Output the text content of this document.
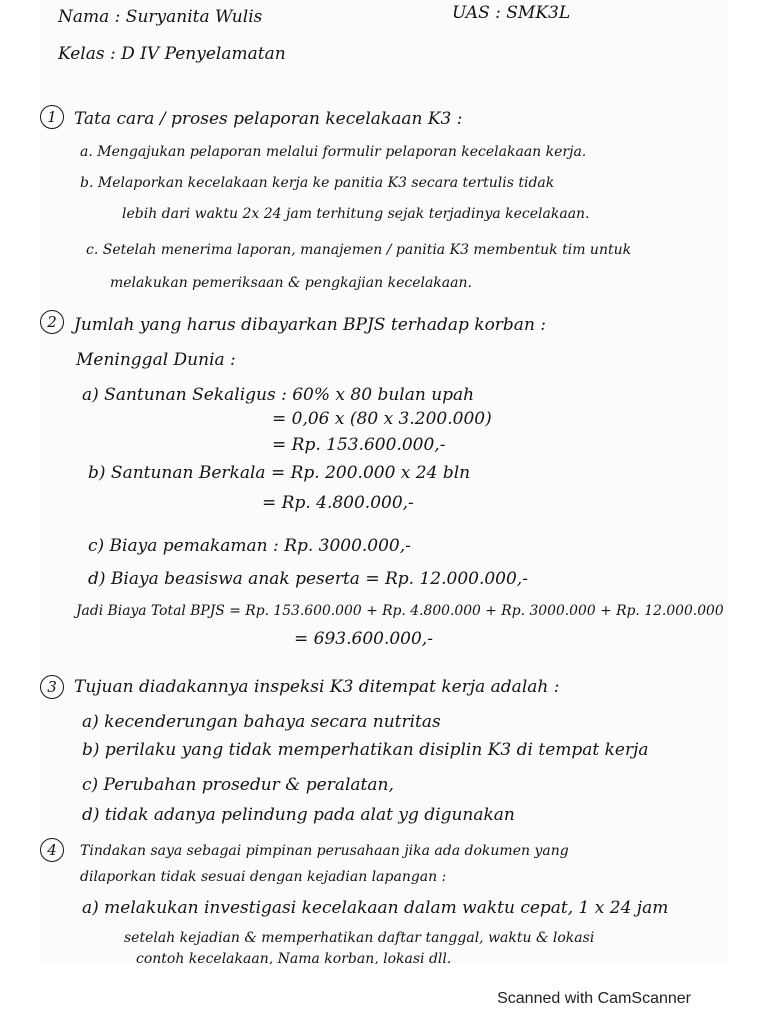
Nama : Suryanita Wulis	UAS : SMK3L
Kelas : D IV Penyelamatan
1	Tata cara / proses pelaporan kecelakaan K3 :
a. Mengajukan pelaporan melalui formulir pelaporan kecelakaan kerja.
b. Melaporkan kecelakaan kerja ke panitia K3 secara tertulis tidak
lebih dari waktu 2x 24 jam terhitung sejak terjadinya kecelakaan.
c. Setelah menerima laporan, manajemen / panitia K3 membentuk tim untuk
melakukan pemeriksaan & pengkajian kecelakaan.
2	Jumlah yang harus dibayarkan BPJS terhadap korban :
Meninggal Dunia :
a) Santunan Sekaligus : 60% x 80 bulan upah
= 0,06 x (80 x 3.200.000)
= Rp. 153.600.000,-
b) Santunan Berkala = Rp. 200.000 x 24 bln
= Rp. 4.800.000,-
c) Biaya pemakaman : Rp. 3000.000,-
d) Biaya beasiswa anak peserta = Rp. 12.000.000,-
Jadi Biaya Total BPJS = Rp. 153.600.000 + Rp. 4.800.000 + Rp. 3000.000 + Rp. 12.000.000
= 693.600.000,-
3	Tujuan diadakannya inspeksi K3 ditempat kerja adalah :
a) kecenderungan bahaya secara nutritas
b) perilaku yang tidak memperhatikan disiplin K3 di tempat kerja
c) Perubahan prosedur & peralatan,
d) tidak adanya pelindung pada alat yg digunakan
4	Tindakan saya sebagai pimpinan perusahaan jika ada dokumen yang
dilaporkan tidak sesuai dengan kejadian lapangan :
a) melakukan investigasi kecelakaan dalam waktu cepat, 1 x 24 jam
setelah kejadian & memperhatikan daftar tanggal, waktu & lokasi
contoh kecelakaan, Nama korban, lokasi dll.
Scanned with CamScanner
